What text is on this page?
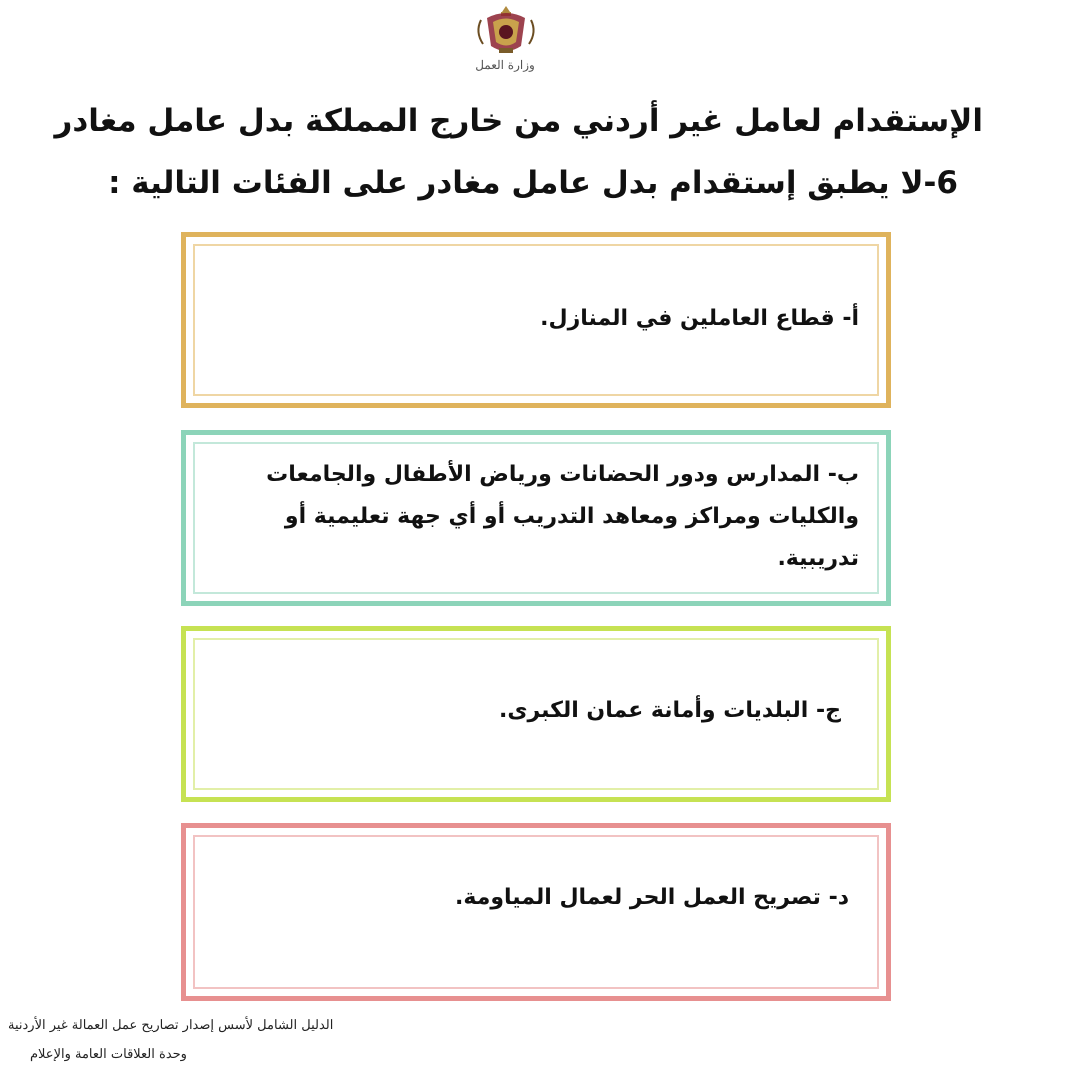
وزارة العمل
الإستقدام لعامل غير أردني من خارج المملكة بدل عامل مغادر
6-لا يطبق إستقدام بدل عامل مغادر على الفئات التالية :
أ- قطاع العاملين في المنازل.
ب- المدارس ودور الحضانات ورياض الأطفال والجامعات والكليات ومراكز ومعاهد التدريب أو أي جهة تعليمية أو تدريبية.
ج- البلديات وأمانة عمان الكبرى.
د- تصريح العمل الحر لعمال المياومة.
الدليل الشامل لأسس إصدار تصاريح عمل العمالة غير الأردنية
وحدة العلاقات العامة والإعلام
